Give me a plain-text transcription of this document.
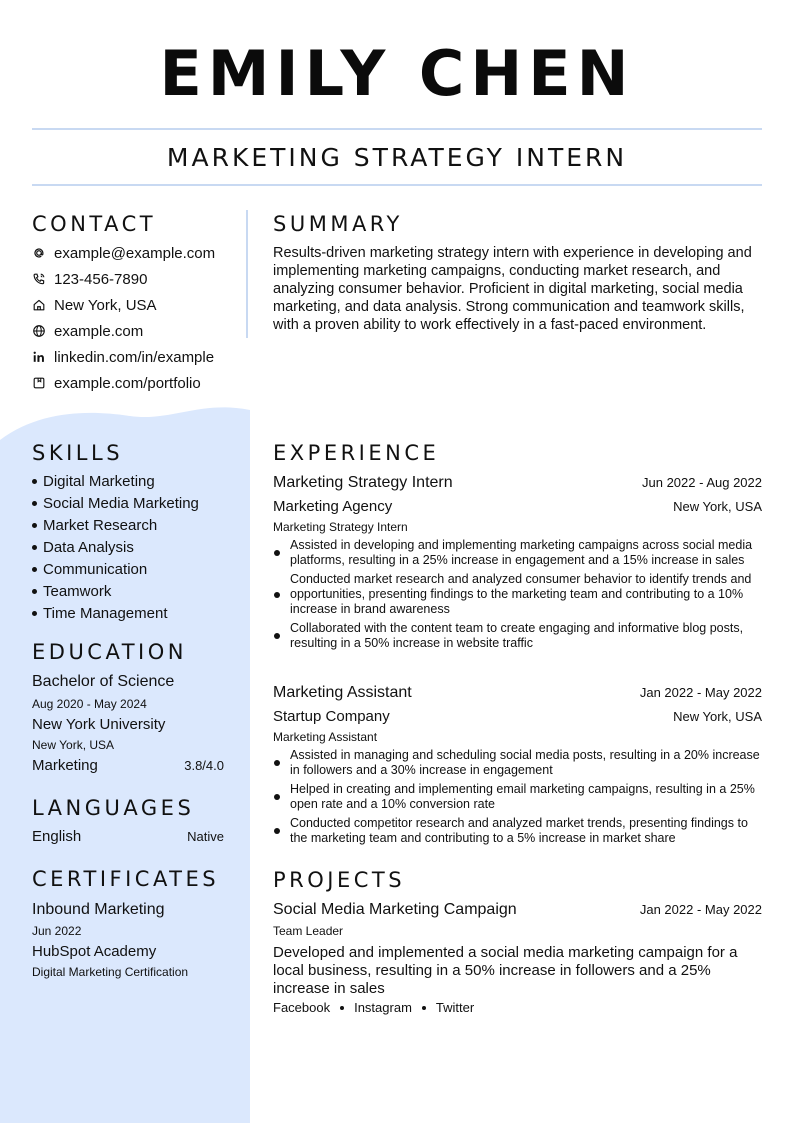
EMILY CHEN
MARKETING STRATEGY INTERN
CONTACT
example@example.com
123-456-7890
New York, USA
example.com
linkedin.com/in/example
example.com/portfolio
SKILLS
Digital Marketing
Social Media Marketing
Market Research
Data Analysis
Communication
Teamwork
Time Management
EDUCATION
Bachelor of Science
Aug 2020 - May 2024
New York University
New York, USA
Marketing	3.8/4.0
LANGUAGES
English	Native
CERTIFICATES
Inbound Marketing
Jun 2022
HubSpot Academy
Digital Marketing Certification
SUMMARY
Results-driven marketing strategy intern with experience in developing and implementing marketing campaigns, conducting market research, and analyzing consumer behavior. Proficient in digital marketing, social media marketing, and data analysis. Strong communication and teamwork skills, with a proven ability to work effectively in a fast-paced environment.
EXPERIENCE
Marketing Strategy Intern	Jun 2022 - Aug 2022
Marketing Agency	New York, USA
Marketing Strategy Intern
Assisted in developing and implementing marketing campaigns across social media platforms, resulting in a 25% increase in engagement and a 15% increase in sales
Conducted market research and analyzed consumer behavior to identify trends and opportunities, presenting findings to the marketing team and contributing to a 10% increase in brand awareness
Collaborated with the content team to create engaging and informative blog posts, resulting in a 50% increase in website traffic
Marketing Assistant	Jan 2022 - May 2022
Startup Company	New York, USA
Marketing Assistant
Assisted in managing and scheduling social media posts, resulting in a 20% increase in followers and a 30% increase in engagement
Helped in creating and implementing email marketing campaigns, resulting in a 25% open rate and a 10% conversion rate
Conducted competitor research and analyzed market trends, presenting findings to the marketing team and contributing to a 5% increase in market share
PROJECTS
Social Media Marketing Campaign	Jan 2022 - May 2022
Team Leader
Developed and implemented a social media marketing campaign for a local business, resulting in a 50% increase in followers and a 25% increase in sales
Facebook Instagram Twitter
